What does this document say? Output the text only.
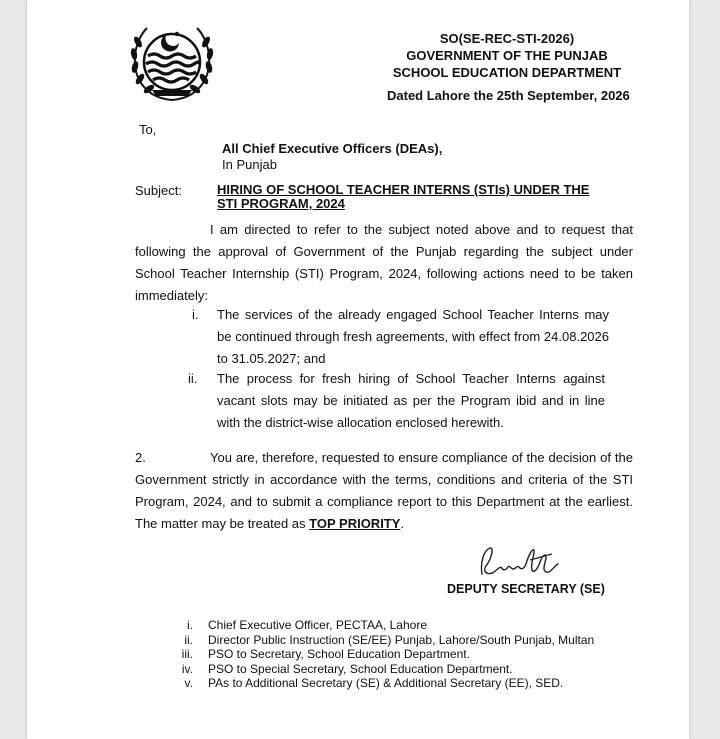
SO(SE-REC-STI-2026)
GOVERNMENT OF THE PUNJAB
SCHOOL EDUCATION DEPARTMENT
Dated Lahore the 25th September, 2026
To,
All Chief Executive Officers (DEAs),
In Punjab
Subject:	HIRING OF SCHOOL TEACHER INTERNS (STIs) UNDER THE STI PROGRAM, 2024
I am directed to refer to the subject noted above and to request that following the approval of Government of the Punjab regarding the subject under School Teacher Internship (STI) Program, 2024, following actions need to be taken immediately:
i.	The services of the already engaged School Teacher Interns may be continued through fresh agreements, with effect from 24.08.2026 to 31.05.2027; and
ii.	The process for fresh hiring of School Teacher Interns against vacant slots may be initiated as per the Program ibid and in line with the district-wise allocation enclosed herewith.
2.	You are, therefore, requested to ensure compliance of the decision of the Government strictly in accordance with the terms, conditions and criteria of the STI Program, 2024, and to submit a compliance report to this Department at the earliest. The matter may be treated as TOP PRIORITY.
DEPUTY SECRETARY (SE)
i. Chief Executive Officer, PECTAA, Lahore
ii. Director Public Instruction (SE/EE) Punjab, Lahore/South Punjab, Multan
iii. PSO to Secretary, School Education Department.
iv. PSO to Special Secretary, School Education Department.
v. PAs to Additional Secretary (SE) & Additional Secretary (EE), SED.
